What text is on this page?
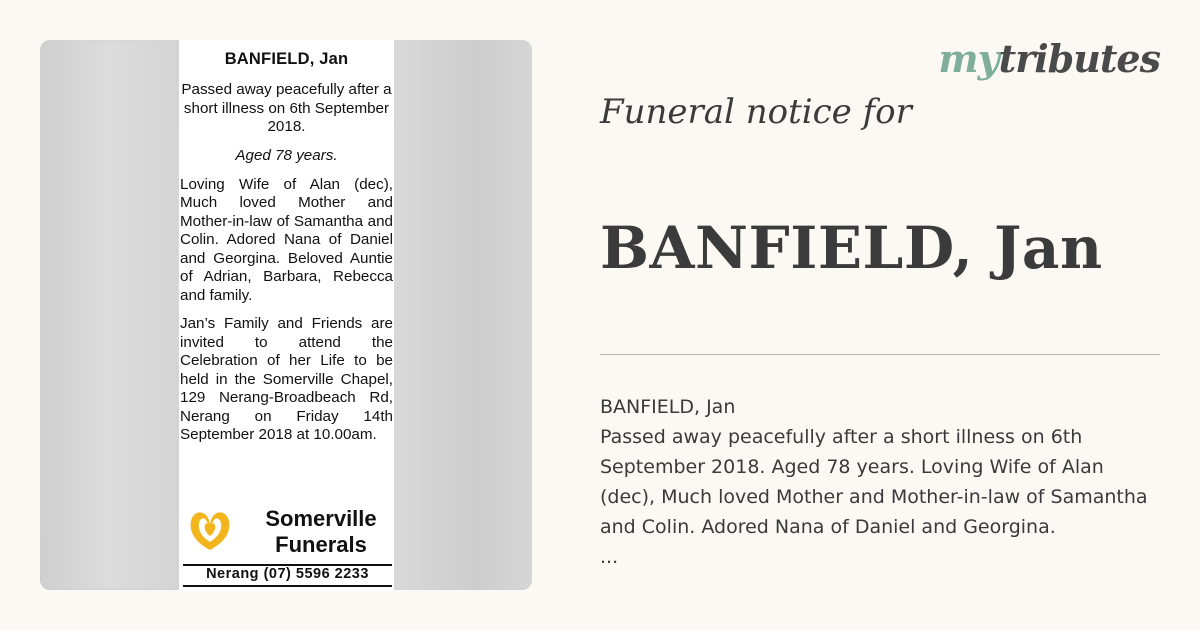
BANFIELD, Jan
Passed away peacefully after a short illness on 6th September 2018.
Aged 78 years.
Loving Wife of Alan (dec), Much loved Mother and Mother-in-law of Samantha and Colin. Adored Nana of Daniel and Georgina. Beloved Auntie of Adrian, Barbara, Rebecca and family.
Jan’s Family and Friends are invited to attend the Celebration of her Life to be held in the Somerville Chapel, 129 Nerang-Broadbeach Rd, Nerang on Friday 14th September 2018 at 10.00am.
Somerville
Funerals
Nerang (07) 5596 2233
mytributes
Funeral notice for
BANFIELD, Jan
BANFIELD, Jan
Passed away peacefully after a short illness on 6th
September 2018. Aged 78 years. Loving Wife of Alan
(dec), Much loved Mother and Mother-in-law of Samantha
and Colin. Adored Nana of Daniel and Georgina.
...
